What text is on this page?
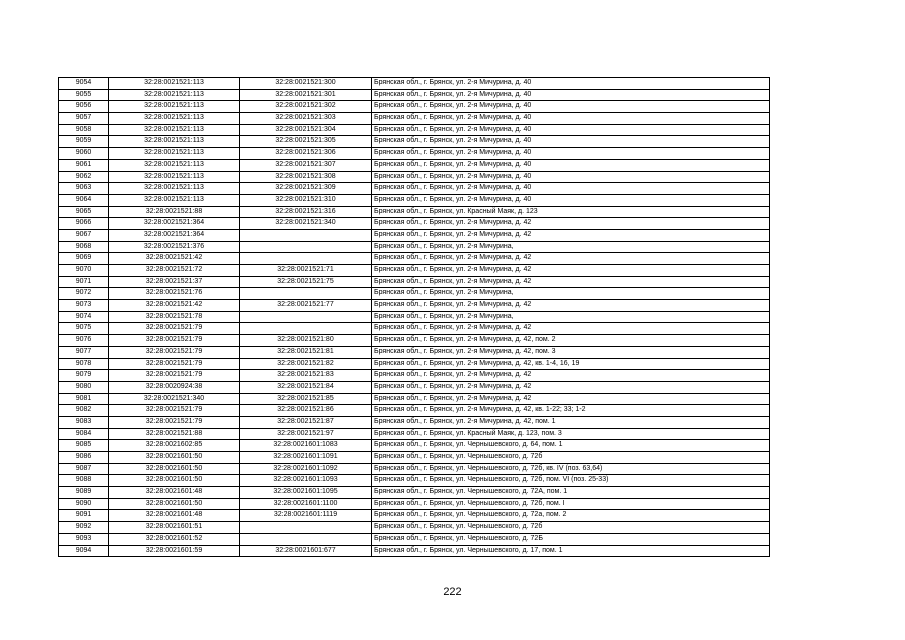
9054	32:28:0021521:113	32:28:0021521:300	Брянская обл., г. Брянск, ул. 2-я Мичурина, д. 40
9055	32:28:0021521:113	32:28:0021521:301	Брянская обл., г. Брянск, ул. 2-я Мичурина, д. 40
9056	32:28:0021521:113	32:28:0021521:302	Брянская обл., г. Брянск, ул. 2-я Мичурина, д. 40
9057	32:28:0021521:113	32:28:0021521:303	Брянская обл., г. Брянск, ул. 2-я Мичурина, д. 40
9058	32:28:0021521:113	32:28:0021521:304	Брянская обл., г. Брянск, ул. 2-я Мичурина, д. 40
9059	32:28:0021521:113	32:28:0021521:305	Брянская обл., г. Брянск, ул. 2-я Мичурина, д. 40
9060	32:28:0021521:113	32:28:0021521:306	Брянская обл., г. Брянск, ул. 2-я Мичурина, д. 40
9061	32:28:0021521:113	32:28:0021521:307	Брянская обл., г. Брянск, ул. 2-я Мичурина, д. 40
9062	32:28:0021521:113	32:28:0021521:308	Брянская обл., г. Брянск, ул. 2-я Мичурина, д. 40
9063	32:28:0021521:113	32:28:0021521:309	Брянская обл., г. Брянск, ул. 2-я Мичурина, д. 40
9064	32:28:0021521:113	32:28:0021521:310	Брянская обл., г. Брянск, ул. 2-я Мичурина, д. 40
9065	32:28:0021521:88	32:28:0021521:316	Брянская обл., г. Брянск, ул. Красный Маяк, д. 123
9066	32:28:0021521:364	32:28:0021521:340	Брянская обл., г. Брянск, ул. 2-я Мичурина, д. 42
9067	32:28:0021521:364		Брянская обл., г. Брянск, ул. 2-я Мичурина, д. 42
9068	32:28:0021521:376		Брянская обл., г. Брянск, ул. 2-я Мичурина,
9069	32:28:0021521:42		Брянская обл., г. Брянск, ул. 2-я Мичурина, д. 42
9070	32:28:0021521:72	32:28:0021521:71	Брянская обл., г. Брянск, ул. 2-я Мичурина, д. 42
9071	32:28:0021521:37	32:28:0021521:75	Брянская обл., г. Брянск, ул. 2-я Мичурина, д. 42
9072	32:28:0021521:76		Брянская обл., г. Брянск, ул. 2-я Мичурина,
9073	32:28:0021521:42	32:28:0021521:77	Брянская обл., г. Брянск, ул. 2-я Мичурина, д. 42
9074	32:28:0021521:78		Брянская обл., г. Брянск, ул. 2-я Мичурина,
9075	32:28:0021521:79		Брянская обл., г. Брянск, ул. 2-я Мичурина, д. 42
9076	32:28:0021521:79	32:28:0021521:80	Брянская обл., г. Брянск, ул. 2-я Мичурина, д. 42, пом. 2
9077	32:28:0021521:79	32:28:0021521:81	Брянская обл., г. Брянск, ул. 2-я Мичурина, д. 42, пом. 3
9078	32:28:0021521:79	32:28:0021521:82	Брянская обл., г. Брянск, ул. 2-я Мичурина, д. 42, кв. 1-4, 16, 19
9079	32:28:0021521:79	32:28:0021521:83	Брянская обл., г. Брянск, ул. 2-я Мичурина, д. 42
9080	32:28:0020924:38	32:28:0021521:84	Брянская обл., г. Брянск, ул. 2-я Мичурина, д. 42
9081	32:28:0021521:340	32:28:0021521:85	Брянская обл., г. Брянск, ул. 2-я Мичурина, д. 42
9082	32:28:0021521:79	32:28:0021521:86	Брянская обл., г. Брянск, ул. 2-я Мичурина, д. 42, кв. 1-22; 33; 1-2
9083	32:28:0021521:79	32:28:0021521:87	Брянская обл., г. Брянск, ул. 2-я Мичурина, д. 42, пом. 1
9084	32:28:0021521:88	32:28:0021521:97	Брянская обл., г. Брянск, ул. Красный Маяк, д. 123, пом. 3
9085	32:28:0021602:85	32:28:0021601:1083	Брянская обл., г. Брянск, ул. Чернышевского, д. 64, пом. 1
9086	32:28:0021601:50	32:28:0021601:1091	Брянская обл., г. Брянск, ул. Чернышевского, д. 72б
9087	32:28:0021601:50	32:28:0021601:1092	Брянская обл., г. Брянск, ул. Чернышевского, д. 72б, кв. IV (поз. 63,64)
9088	32:28:0021601:50	32:28:0021601:1093	Брянская обл., г. Брянск, ул. Чернышевского, д. 72б, пом. VI (поз. 25-33)
9089	32:28:0021601:48	32:28:0021601:1095	Брянская обл., г. Брянск, ул. Чернышевского, д. 72А, пом. 1
9090	32:28:0021601:50	32:28:0021601:1100	Брянская обл., г. Брянск, ул. Чернышевского, д. 72б, пом. I
9091	32:28:0021601:48	32:28:0021601:1119	Брянская обл., г. Брянск, ул. Чернышевского, д. 72а, пом. 2
9092	32:28:0021601:51		Брянская обл., г. Брянск, ул. Чернышевского, д. 72б
9093	32:28:0021601:52		Брянская обл., г. Брянск, ул. Чернышевского, д. 72Б
9094	32:28:0021601:59	32:28:0021601:677	Брянская обл., г. Брянск, ул. Чернышевского, д. 17, пом. 1
222
